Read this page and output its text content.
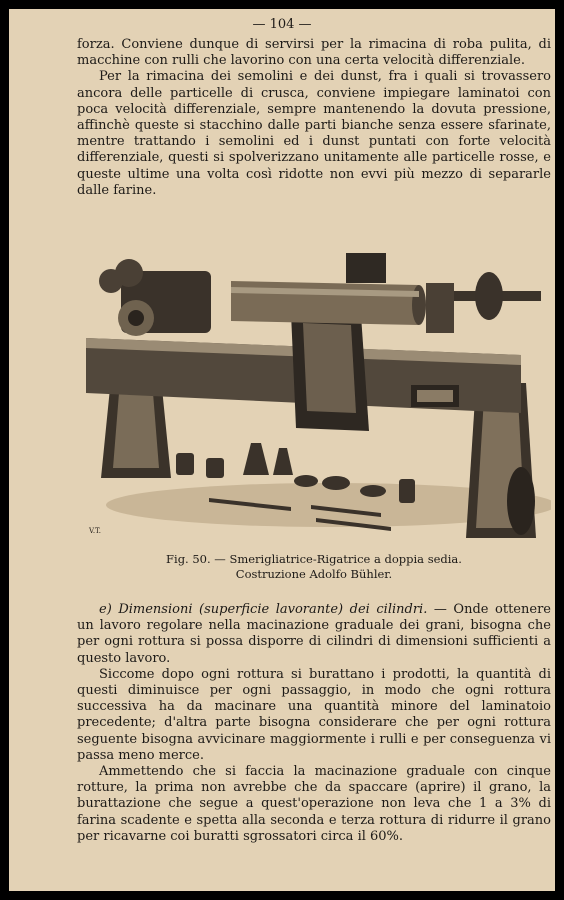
— 104 —

forza. Conviene dunque di servirsi per la rimacina di roba pulita, di macchine con rulli che lavorino con una certa velocità differenziale.

Per la rimacina dei semolini e dei dunst, fra i quali si trovassero ancora delle particelle di crusca, conviene impiegare laminatoi con poca velocità differenziale, sempre mantenendo la dovuta pressione, affinchè queste si stacchino dalle parti bianche senza essere sfarinate, mentre trattando i semolini ed i dunst puntati con forte velocità differenziale, questi si spolverizzano unitamente alle particelle rosse, e queste ultime una volta così ridotte non evvi più mezzo di separarle dalle farine.

V.T.
Fig. 50. — Smerigliatrice-Rigatrice a doppia sedia.
Costruzione Adolfo Bühler.

e) Dimensioni (superficie lavorante) dei cilindri. — Onde ottenere un lavoro regolare nella macinazione graduale dei grani, bisogna che per ogni rottura si possa disporre di cilindri di dimensioni sufficienti a questo lavoro.

Siccome dopo ogni rottura si burattano i prodotti, la quantità di questi diminuisce per ogni passaggio, in modo che ogni rottura successiva ha da macinare una quantità minore del laminatoio precedente; d'altra parte bisogna considerare che per ogni rottura seguente bisogna avvicinare maggiormente i rulli e per conseguenza vi passa meno merce.

Ammettendo che si faccia la macinazione graduale con cinque rotture, la prima non avrebbe che da spaccare (aprire) il grano, la burattazione che segue a quest'operazione non leva che 1 a 3% di farina scadente e spetta alla seconda e terza rottura di ridurre il grano per ricavarne coi buratti sgrossatori circa il 60%.
